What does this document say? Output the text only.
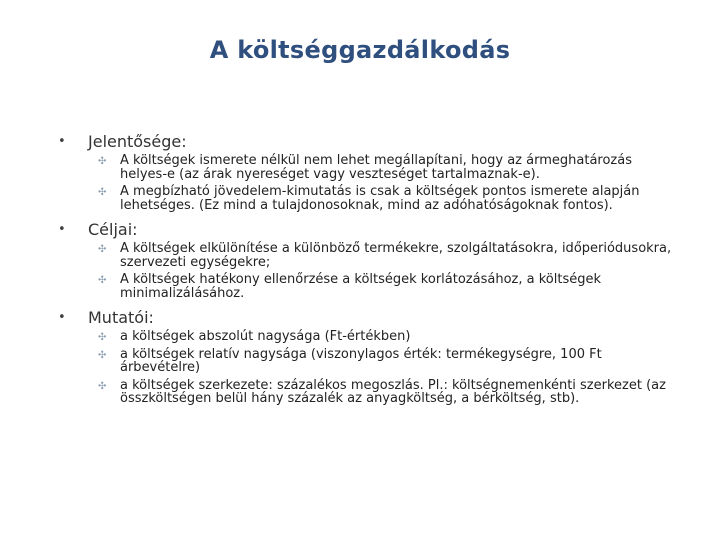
A költséggazdálkodás
• Jelentősége:
✣ A költségek ismerete nélkül nem lehet megállapítani, hogy az ármeghatározás helyes-e (az árak nyereséget vagy veszteséget tartalmaznak-e).
✣ A megbízható jövedelem-kimutatás is csak a költségek pontos ismerete alapján lehetséges. (Ez mind a tulajdonosoknak, mind az adóhatóságoknak fontos).
• Céljai:
✣ A költségek elkülönítése a különböző termékekre, szolgáltatásokra, időperiódusokra, szervezeti egységekre;
✣ A költségek hatékony ellenőrzése a költségek korlátozásához, a költségek minimalizálásához.
• Mutatói:
✣ a költségek abszolút nagysága (Ft-értékben)
✣ a költségek relatív nagysága (viszonylagos érték: termékegységre, 100 Ft árbevételre)
✣ a költségek szerkezete: százalékos megoszlás. Pl.: költségnemenkénti szerkezet (az összköltségen belül hány százalék az anyagköltség, a bérköltség, stb).
